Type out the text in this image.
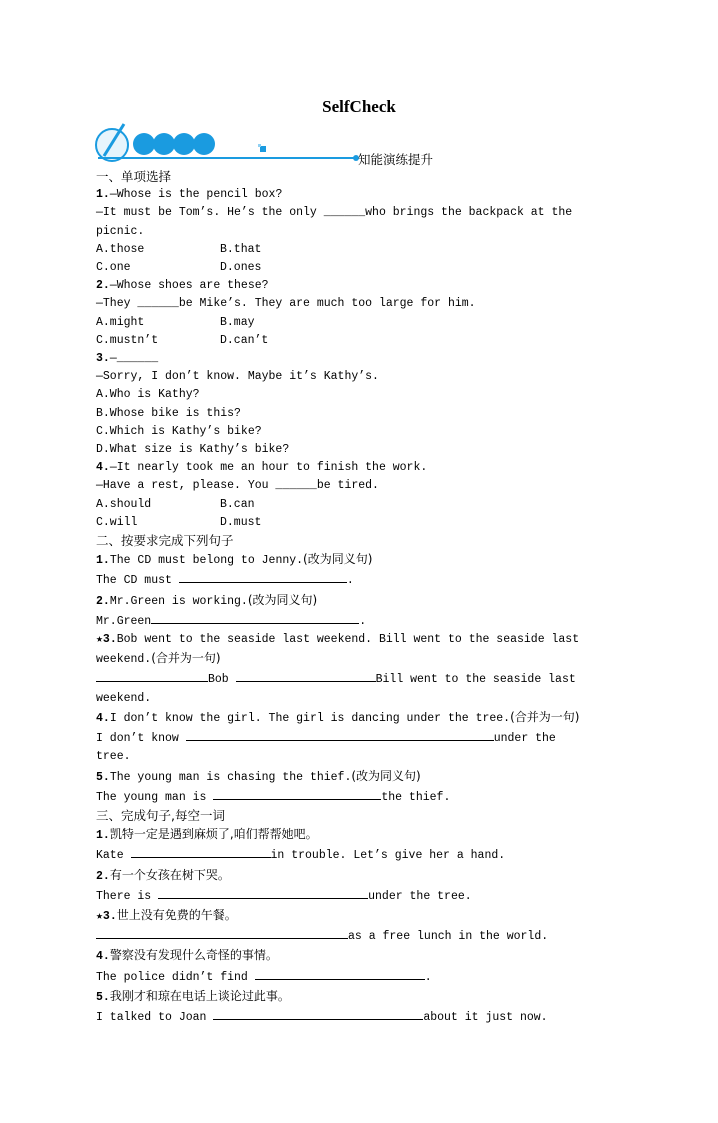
SelfCheck
知能演练提升
一、单项选择
1.—Whose is the pencil box?
—It must be Tom’s. He’s the only ______who brings the backpack at the
picnic.
A.those	B.that
C.one	D.ones
2.—Whose shoes are these?
—They ______be Mike’s. They are much too large for him.
A.might	B.may
C.mustn’t	D.can’t
3.—______
—Sorry, I don’t know. Maybe it’s Kathy’s.
A.Who is Kathy?
B.Whose bike is this?
C.Which is Kathy’s bike?
D.What size is Kathy’s bike?
4.—It nearly took me an hour to finish the work.
—Have a rest, please. You ______be tired.
A.should	B.can
C.will	D.must
二、按要求完成下列句子
1.The CD must belong to Jenny.(改为同义句)
The CD must	.
2.Mr.Green is working.(改为同义句)
Mr.Green	.
★3.Bob went to the seaside last weekend. Bill went to the seaside last
weekend.(合并为一句)
Bob	Bill went to the seaside last
weekend.
4.I don’t know the girl. The girl is dancing under the tree.(合并为一句)
I don’t know	under the
tree.
5.The young man is chasing the thief.(改为同义句)
The young man is	the thief.
三、完成句子,每空一词
1.凯特一定是遇到麻烦了,咱们帮帮她吧。
Kate	in trouble. Let’s give her a hand.
2.有一个女孩在树下哭。
There is	under the tree.
★3.世上没有免费的午餐。
as a free lunch in the world.
4.警察没有发现什么奇怪的事情。
The police didn’t find	.
5.我刚才和琼在电话上谈论过此事。
I talked to Joan	about it just now.
